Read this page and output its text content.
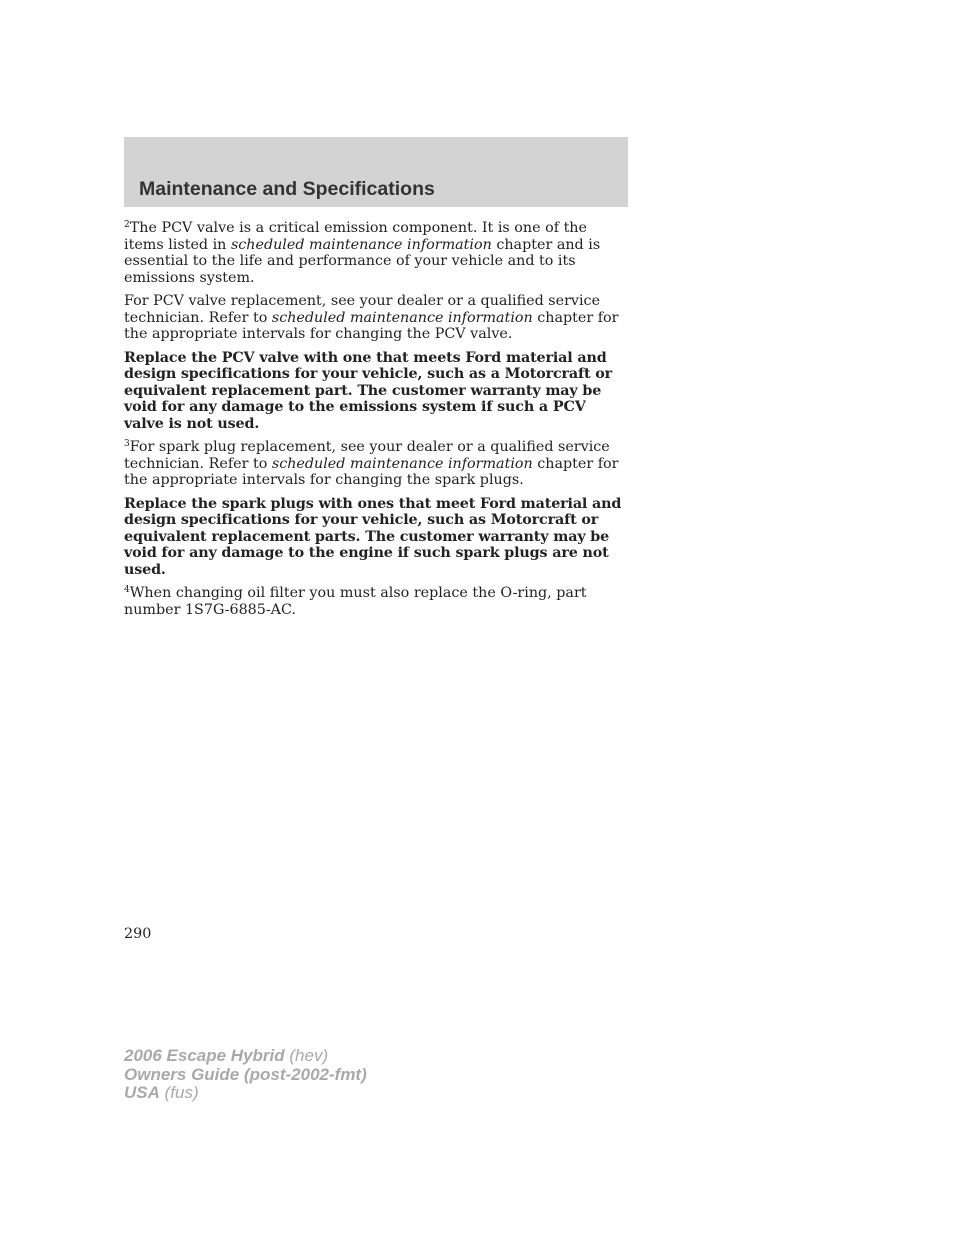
Maintenance and Specifications

$^2$The PCV valve is a critical emission component. It is one of the items listed in scheduled maintenance information chapter and is essential to the life and performance of your vehicle and to its emissions system.

For PCV valve replacement, see your dealer or a qualified service technician. Refer to scheduled maintenance information chapter for the appropriate intervals for changing the PCV valve.

Replace the PCV valve with one that meets Ford material and design specifications for your vehicle, such as a Motorcraft or equivalent replacement part. The customer warranty may be void for any damage to the emissions system if such a PCV valve is not used.

$^3$For spark plug replacement, see your dealer or a qualified service technician. Refer to scheduled maintenance information chapter for the appropriate intervals for changing the spark plugs.

Replace the spark plugs with ones that meet Ford material and design specifications for your vehicle, such as Motorcraft or equivalent replacement parts. The customer warranty may be void for any damage to the engine if such spark plugs are not used.

$^4$When changing oil filter you must also replace the O-ring, part number 1S7G-6885-AC.

290
2006 Escape Hybrid (hev)
Owners Guide (post-2002-fmt)
USA (fus)
